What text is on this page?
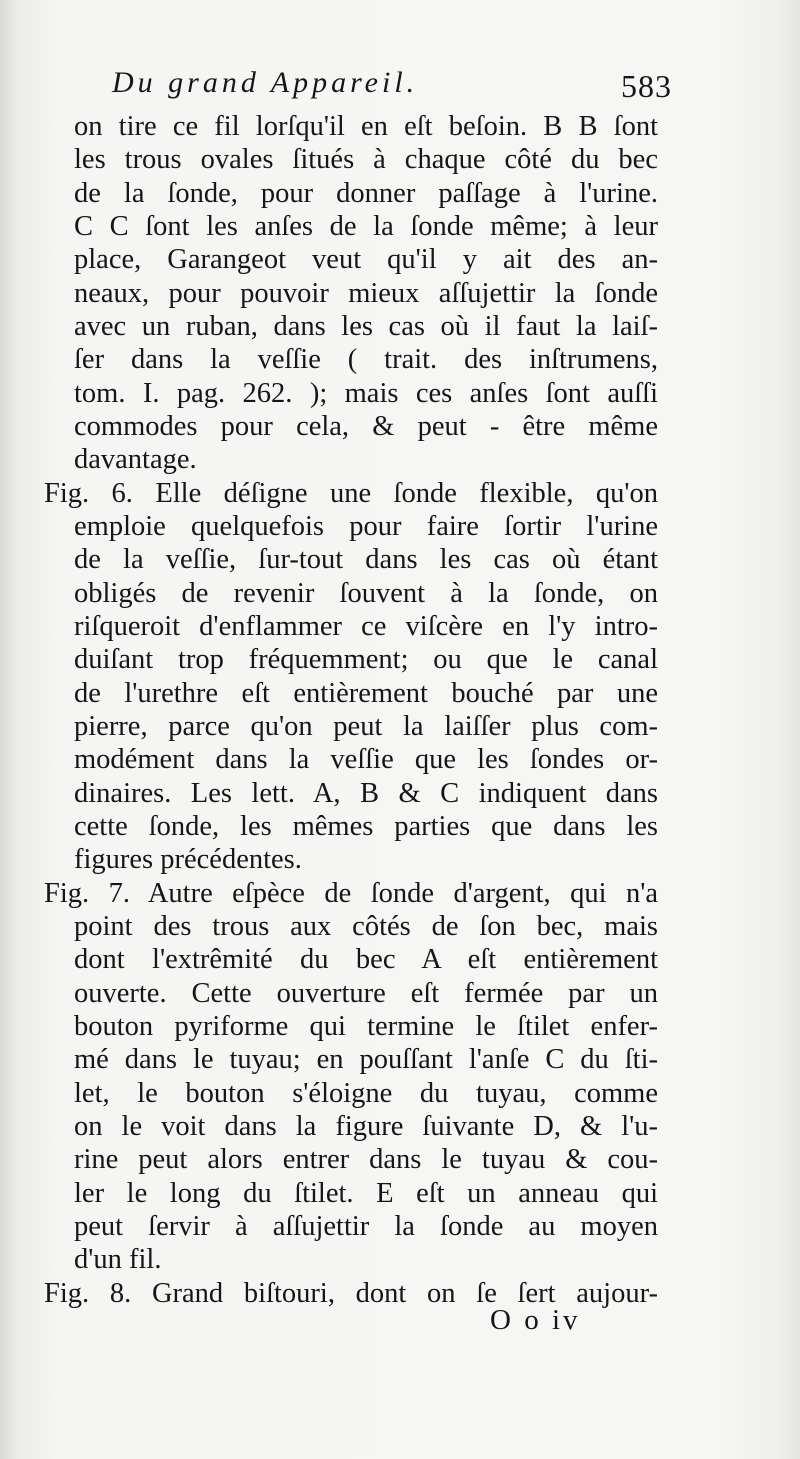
Du grand Appareil.	583
on tire ce fil lorſqu'il en eſt beſoin. B B ſont
les trous ovales ſitués à chaque côté du bec
de la ſonde, pour donner paſſage à l'urine.
C C ſont les anſes de la ſonde même; à leur
place, Garangeot veut qu'il y ait des an-
neaux, pour pouvoir mieux aſſujettir la ſonde
avec un ruban, dans les cas où il faut la laiſ-
ſer dans la veſſie ( trait. des inſtrumens,
tom. I. pag. 262. ); mais ces anſes ſont auſſi
commodes pour cela, & peut - être même
davantage.
Fig. 6. Elle déſigne une ſonde flexible, qu'on
emploie quelquefois pour faire ſortir l'urine
de la veſſie, ſur-tout dans les cas où étant
obligés de revenir ſouvent à la ſonde, on
riſqueroit d'enflammer ce viſcère en l'y intro-
duiſant trop fréquemment; ou que le canal
de l'urethre eſt entièrement bouché par une
pierre, parce qu'on peut la laiſſer plus com-
modément dans la veſſie que les ſondes or-
dinaires. Les lett. A, B & C indiquent dans
cette ſonde, les mêmes parties que dans les
figures précédentes.
Fig. 7. Autre eſpèce de ſonde d'argent, qui n'a
point des trous aux côtés de ſon bec, mais
dont l'extrêmité du bec A eſt entièrement
ouverte. Cette ouverture eſt fermée par un
bouton pyriforme qui termine le ſtilet enfer-
mé dans le tuyau; en pouſſant l'anſe C du ſti-
let, le bouton s'éloigne du tuyau, comme
on le voit dans la figure ſuivante D, & l'u-
rine peut alors entrer dans le tuyau & cou-
ler le long du ſtilet. E eſt un anneau qui
peut ſervir à aſſujettir la ſonde au moyen
d'un fil.
Fig. 8. Grand biſtouri, dont on ſe ſert aujour-
O o iv
